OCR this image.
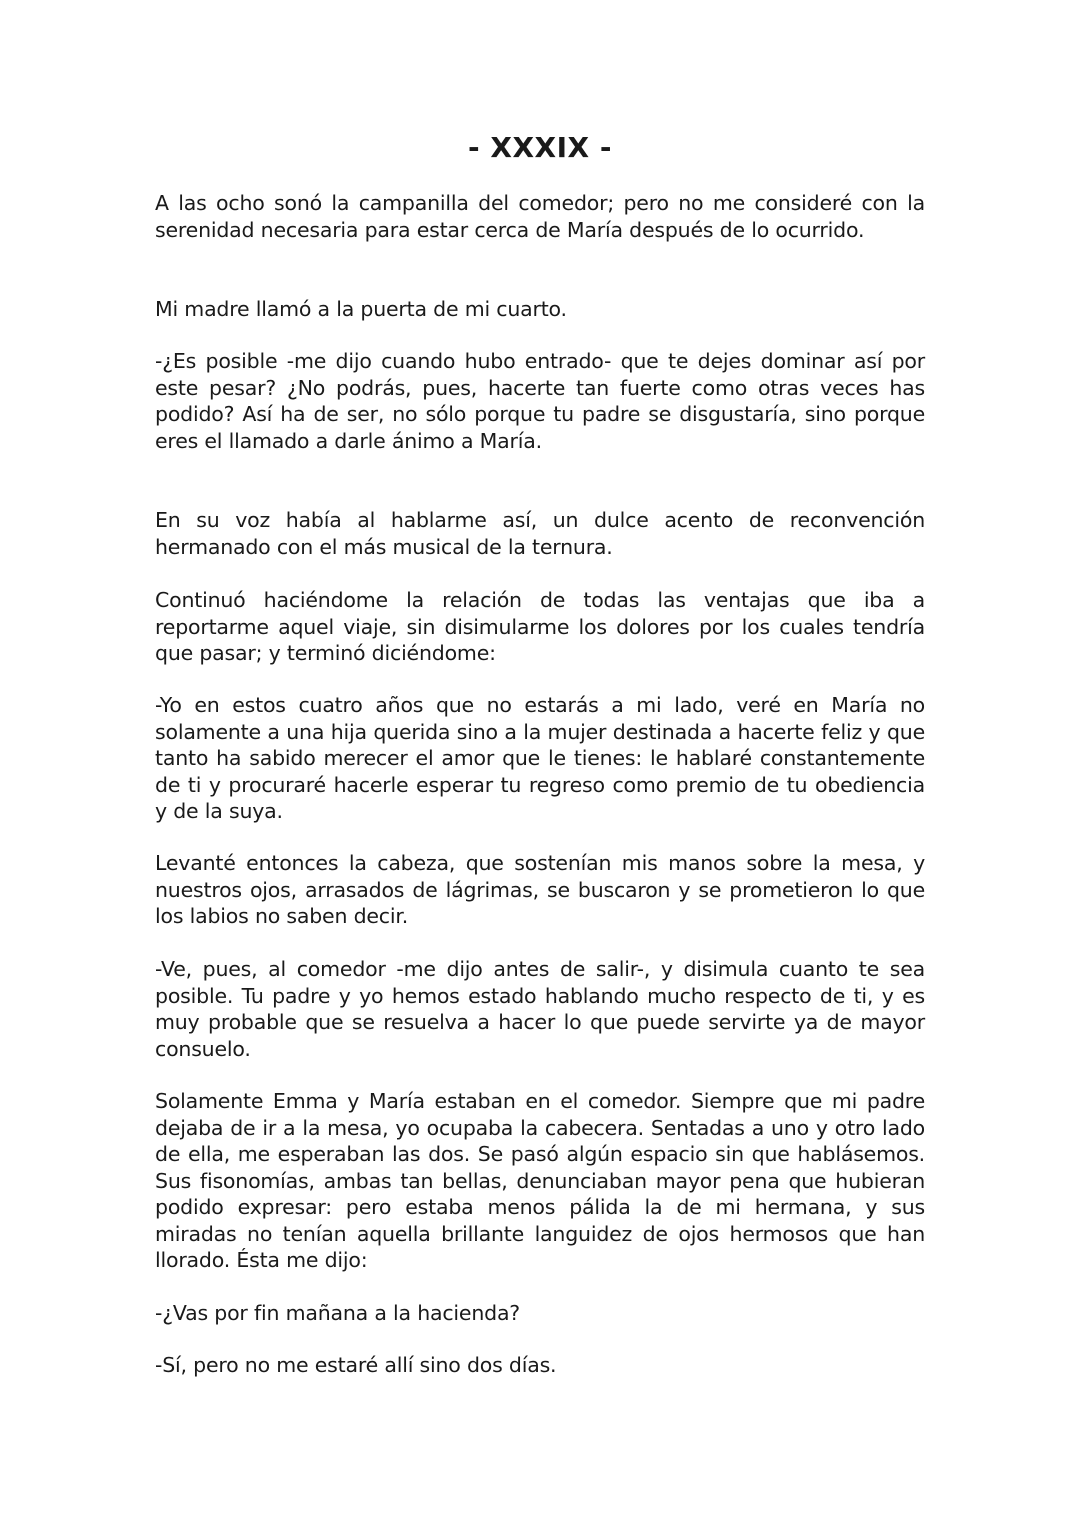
- XXXIX -

A las ocho sonó la campanilla del comedor; pero no me consideré con la serenidad necesaria para estar cerca de María después de lo ocurrido.

Mi madre llamó a la puerta de mi cuarto.

-¿Es posible -me dijo cuando hubo entrado- que te dejes dominar así por este pesar? ¿No podrás, pues, hacerte tan fuerte como otras veces has podido? Así ha de ser, no sólo porque tu padre se disgustaría, sino porque eres el llamado a darle ánimo a María.

En su voz había al hablarme así, un dulce acento de reconvención hermanado con el más musical de la ternura.

Continuó haciéndome la relación de todas las ventajas que iba a reportarme aquel viaje, sin disimularme los dolores por los cuales tendría que pasar; y terminó diciéndome:

-Yo en estos cuatro años que no estarás a mi lado, veré en María no solamente a una hija querida sino a la mujer destinada a hacerte feliz y que tanto ha sabido merecer el amor que le tienes: le hablaré constantemente de ti y procuraré hacerle esperar tu regreso como premio de tu obediencia y de la suya.

Levanté entonces la cabeza, que sostenían mis manos sobre la mesa, y nuestros ojos, arrasados de lágrimas, se buscaron y se prometieron lo que los labios no saben decir.

-Ve, pues, al comedor -me dijo antes de salir-, y disimula cuanto te sea posible. Tu padre y yo hemos estado hablando mucho respecto de ti, y es muy probable que se resuelva a hacer lo que puede servirte ya de mayor consuelo.

Solamente Emma y María estaban en el comedor. Siempre que mi padre dejaba de ir a la mesa, yo ocupaba la cabecera. Sentadas a uno y otro lado de ella, me esperaban las dos. Se pasó algún espacio sin que hablásemos. Sus fisonomías, ambas tan bellas, denunciaban mayor pena que hubieran podido expresar: pero estaba menos pálida la de mi hermana, y sus miradas no tenían aquella brillante languidez de ojos hermosos que han llorado. Ésta me dijo:

-¿Vas por fin mañana a la hacienda?

-Sí, pero no me estaré allí sino dos días.
